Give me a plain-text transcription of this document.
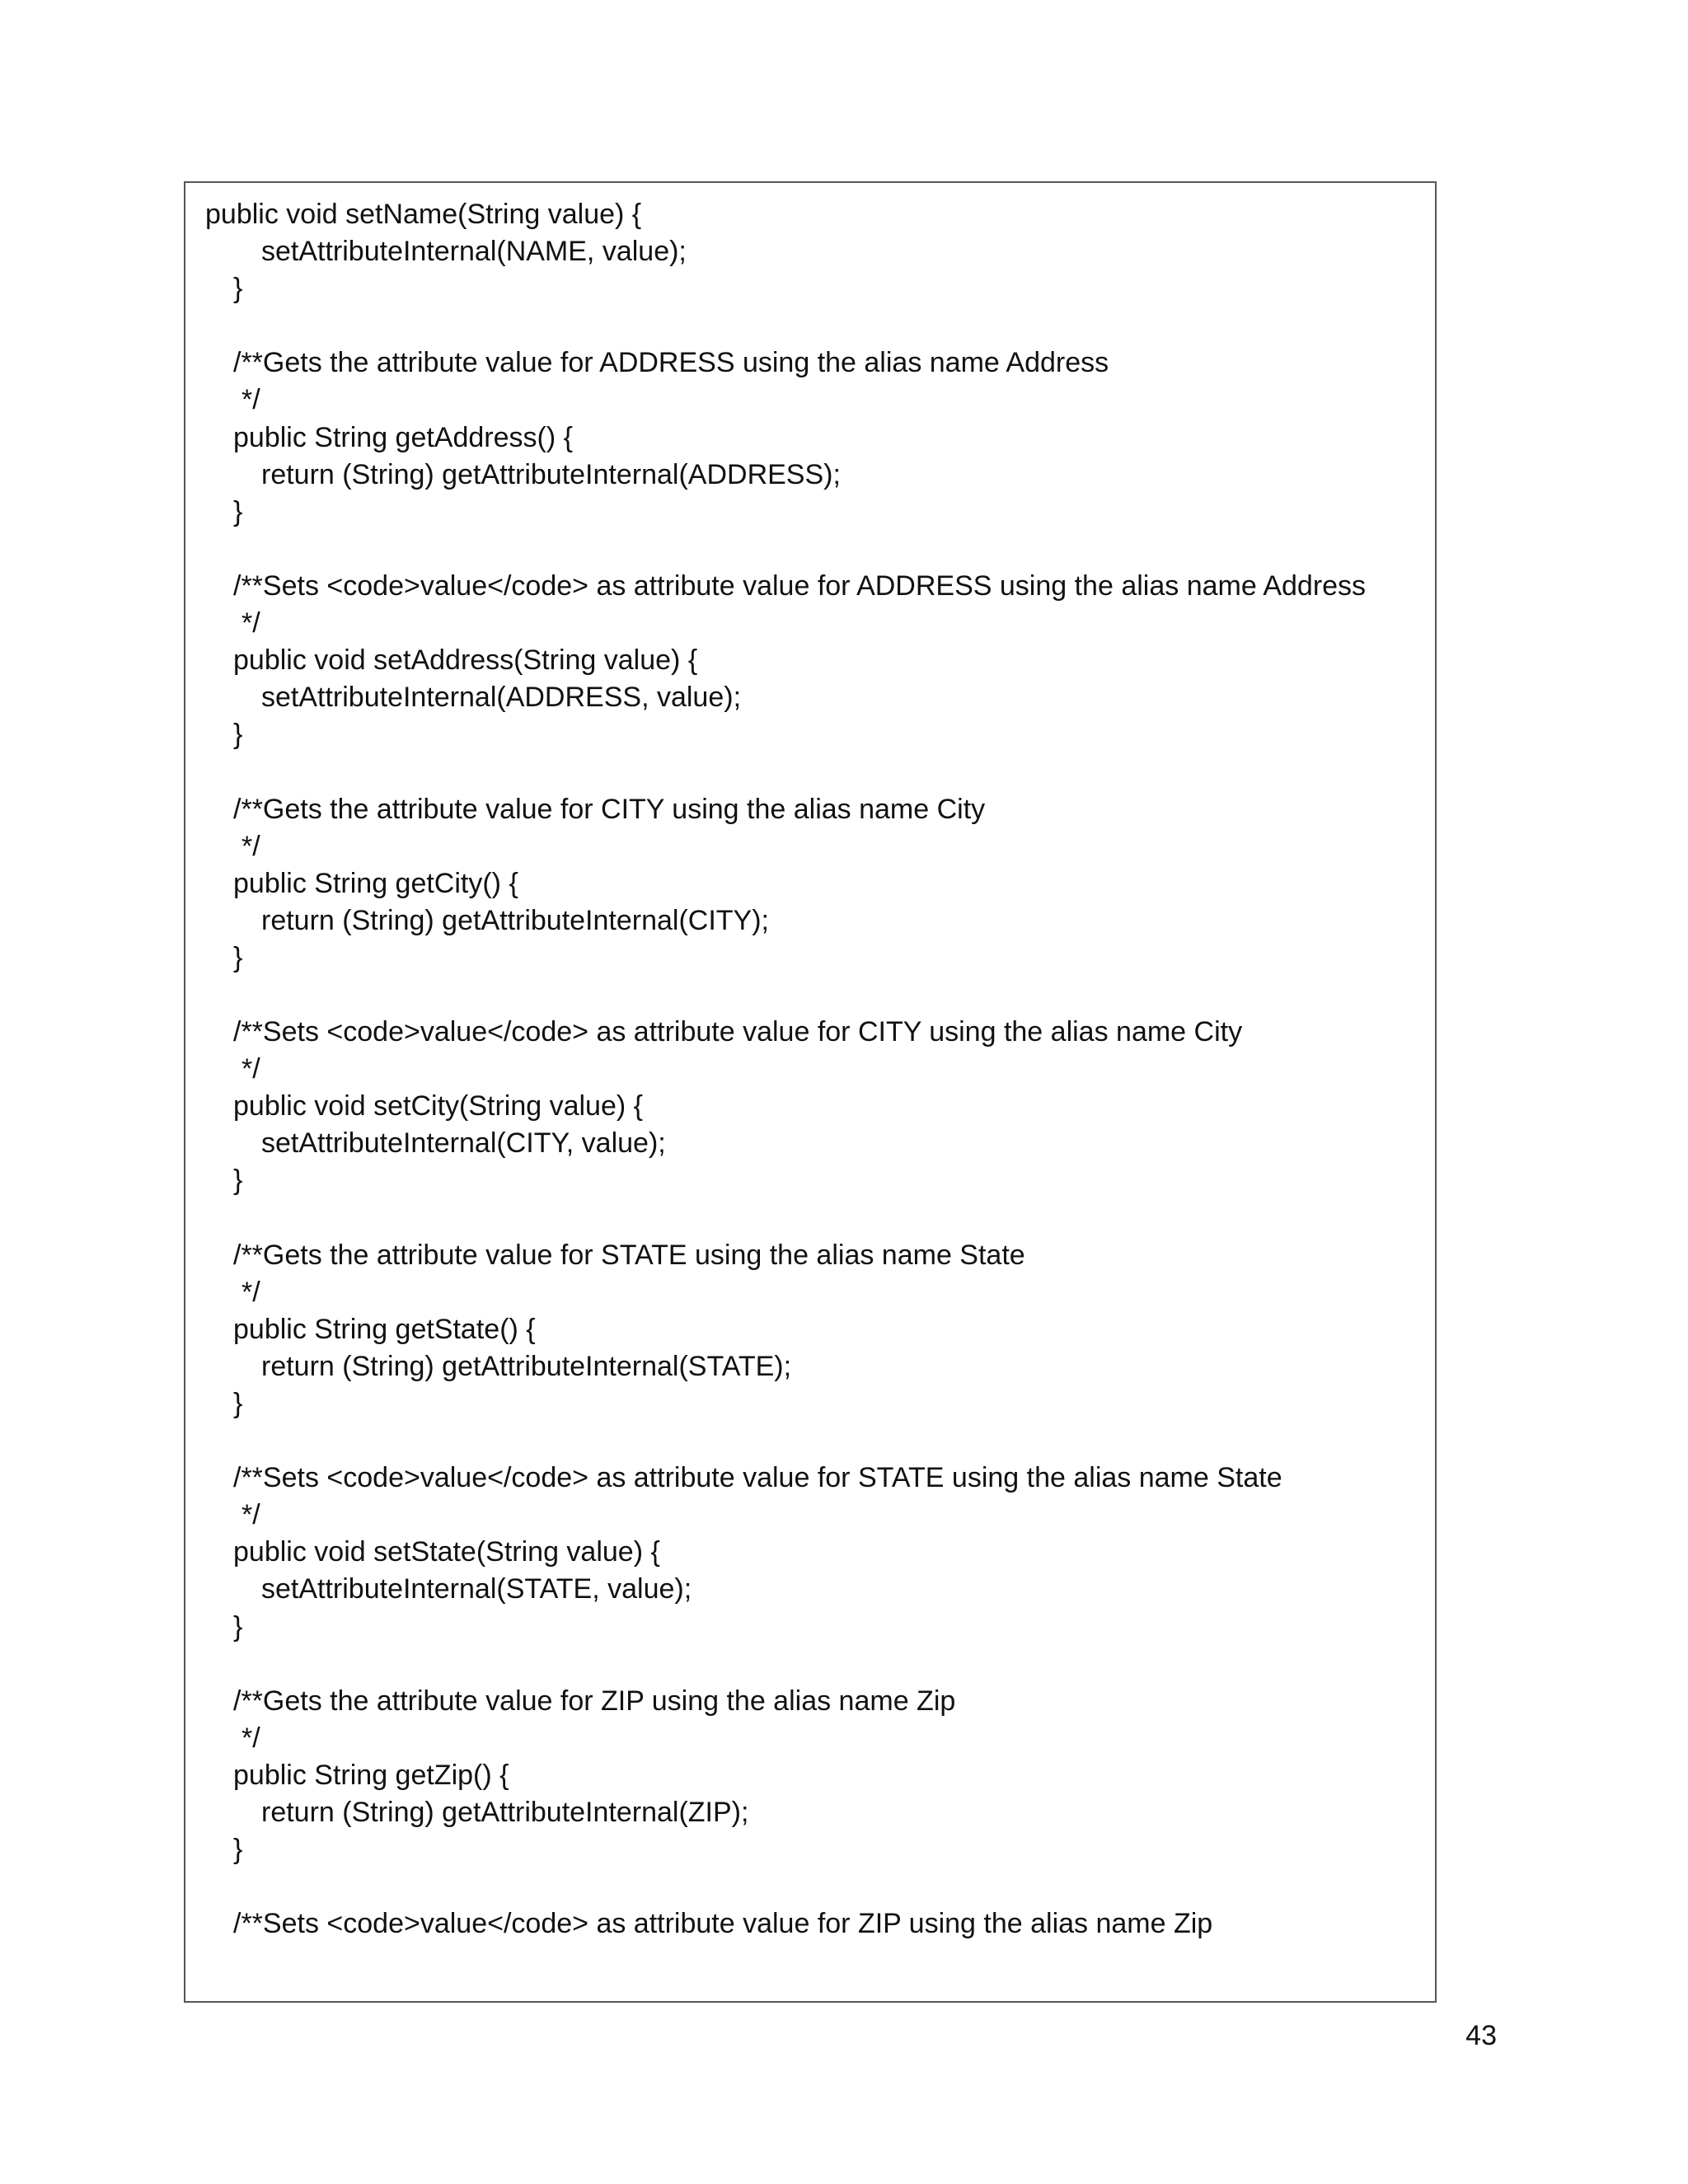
public void setName(String value) {
setAttributeInternal(NAME, value);
}
/**Gets the attribute value for ADDRESS using the alias name Address
*/
public String getAddress() {
return (String) getAttributeInternal(ADDRESS);
}
/**Sets <code>value</code> as attribute value for ADDRESS using the alias name Address
*/
public void setAddress(String value) {
setAttributeInternal(ADDRESS, value);
}
/**Gets the attribute value for CITY using the alias name City
*/
public String getCity() {
return (String) getAttributeInternal(CITY);
}
/**Sets <code>value</code> as attribute value for CITY using the alias name City
*/
public void setCity(String value) {
setAttributeInternal(CITY, value);
}
/**Gets the attribute value for STATE using the alias name State
*/
public String getState() {
return (String) getAttributeInternal(STATE);
}
/**Sets <code>value</code> as attribute value for STATE using the alias name State
*/
public void setState(String value) {
setAttributeInternal(STATE, value);
}
/**Gets the attribute value for ZIP using the alias name Zip
*/
public String getZip() {
return (String) getAttributeInternal(ZIP);
}
/**Sets <code>value</code> as attribute value for ZIP using the alias name Zip
43
